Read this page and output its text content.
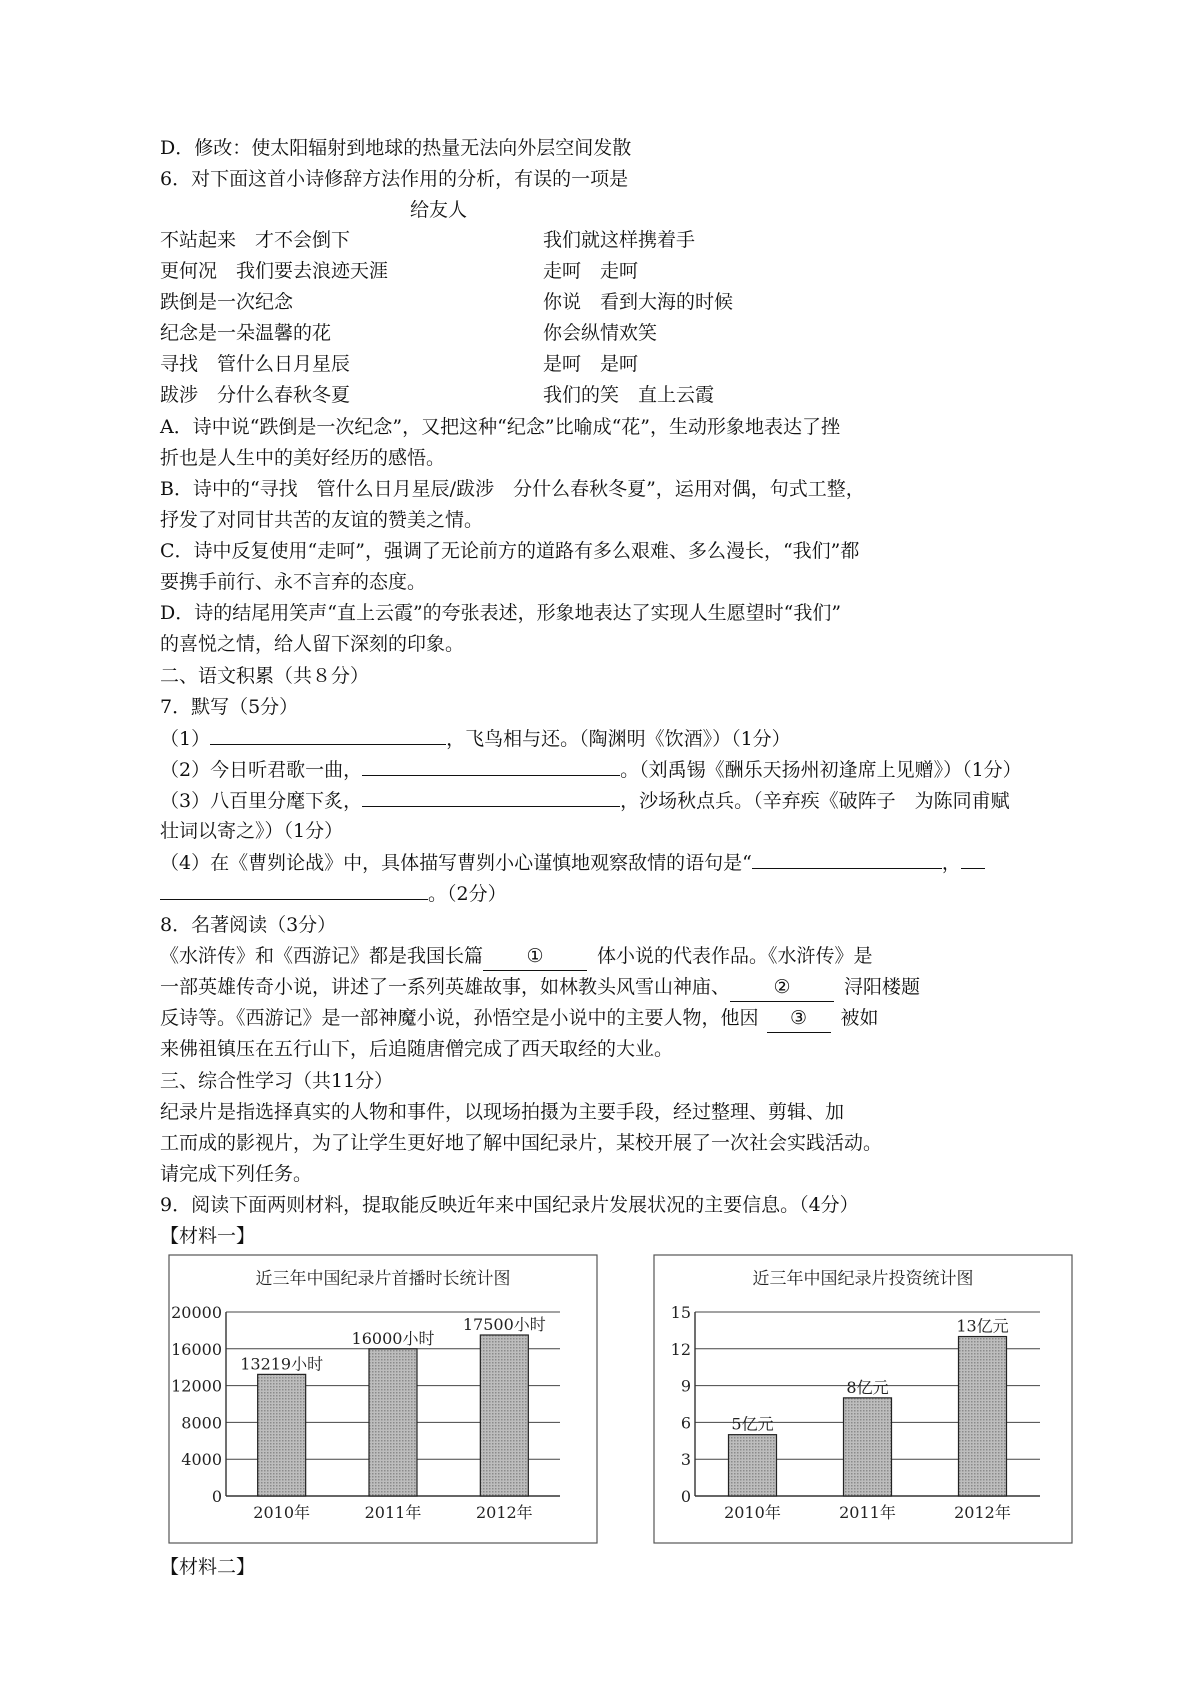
D．修改：使太阳辐射到地球的热量无法向外层空间发散
6．对下面这首小诗修辞方法作用的分析，有误的一项是
给友人
不站起来　才不会倒下
更何况　我们要去浪迹天涯
跌倒是一次纪念
纪念是一朵温馨的花
寻找　管什么日月星辰
跋涉　分什么春秋冬夏
我们就这样携着手
走呵　走呵
你说　看到大海的时候
你会纵情欢笑
是呵　是呵
我们的笑　直上云霞
A．诗中说“跌倒是一次纪念”，又把这种“纪念”比喻成“花”，生动形象地表达了挫
折也是人生中的美好经历的感悟。
B．诗中的“寻找　管什么日月星辰/跋涉　分什么春秋冬夏”，运用对偶，句式工整，
抒发了对同甘共苦的友谊的赞美之情。
C．诗中反复使用“走呵”，强调了无论前方的道路有多么艰难、多么漫长，“我们”都
要携手前行、永不言弃的态度。
D．诗的结尾用笑声“直上云霞”的夸张表述，形象地表达了实现人生愿望时“我们”
的喜悦之情，给人留下深刻的印象。
二、语文积累（共８分）
7．默写（5分）
（1）	，飞鸟相与还。（陶渊明《饮酒》）（1分）
（2）今日听君歌一曲，	。（刘禹锡《酬乐天扬州初逢席上见赠》）（1分）
（3）八百里分麾下炙，	，沙场秋点兵。（辛弃疾《破阵子　为陈同甫赋
壮词以寄之》）（1分）
（4）在《曹刿论战》中，具体描写曹刿小心谨慎地观察敌情的语句是“	，
。（2分）
8．名著阅读（3分）
《水浒传》和《西游记》都是我国长篇 ①	体小说的代表作品。《水浒传》是
一部英雄传奇小说，讲述了一系列英雄故事，如林教头风雪山神庙、 ②	浔阳楼题
反诗等。《西游记》是一部神魔小说，孙悟空是小说中的主要人物，他因 ③ 被如
来佛祖镇压在五行山下，后追随唐僧完成了西天取经的大业。
三、综合性学习（共11分）
纪录片是指选择真实的人物和事件，以现场拍摄为主要手段，经过整理、剪辑、加
工而成的影视片，为了让学生更好地了解中国纪录片，某校开展了一次社会实践活动。
请完成下列任务。
9．阅读下面两则材料，提取能反映近年来中国纪录片发展状况的主要信息。（4分）
【材料一】
近三年中国纪录片首播时长统计图
0
4000
8000
12000
16000
20000
13219小时
2010年
16000小时
2011年
17500小时
2012年
近三年中国纪录片投资统计图
0
3
6
9
12
15
5亿元
2010年
8亿元
2011年
13亿元
2012年
【材料二】
